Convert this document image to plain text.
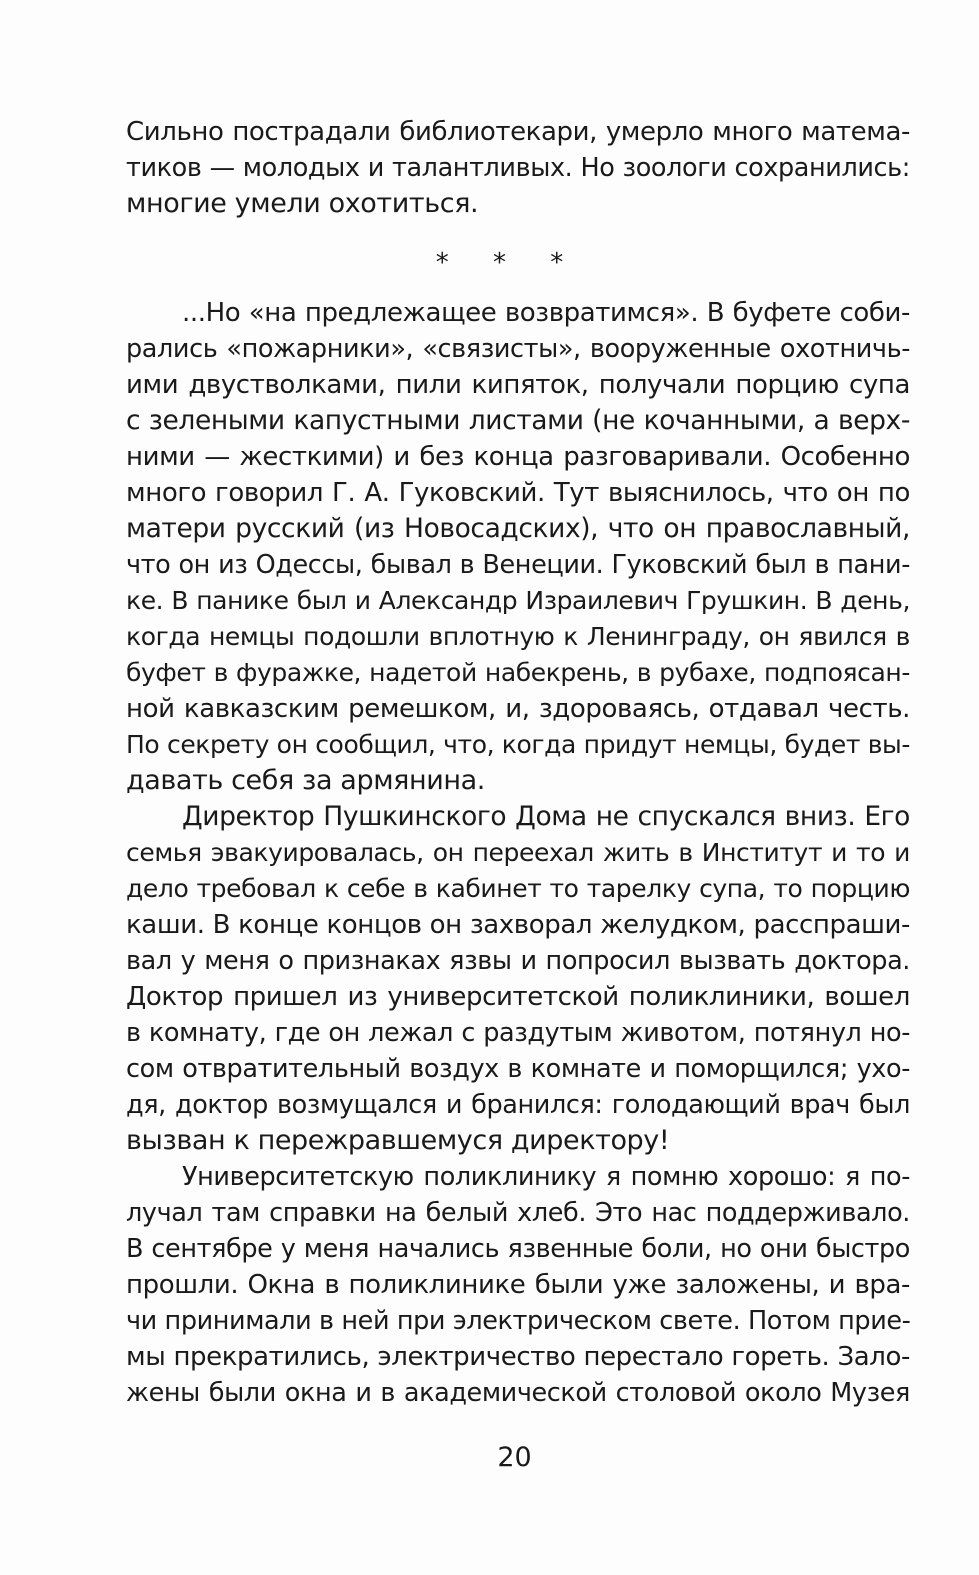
Сильно пострадали библиотекари, умерло много матема-
тиков — молодых и талантливых. Но зоологи сохранились:
многие умели охотиться.
* * *
...Но «на предлежащее возвратимся». В буфете соби-
рались «пожарники», «связисты», вооруженные охотничь-
ими двустволками, пили кипяток, получали порцию супа
с зелеными капустными листами (не кочанными, а верх-
ними — жесткими) и без конца разговаривали. Особенно
много говорил Г. А. Гуковский. Тут выяснилось, что он по
матери русский (из Новосадских), что он православный,
что он из Одессы, бывал в Венеции. Гуковский был в пани-
ке. В панике был и Александр Израилевич Грушкин. В день,
когда немцы подошли вплотную к Ленинграду, он явился в
буфет в фуражке, надетой набекрень, в рубахе, подпоясан-
ной кавказским ремешком, и, здороваясь, отдавал честь.
По секрету он сообщил, что, когда придут немцы, будет вы-
давать себя за армянина.
Директор Пушкинского Дома не спускался вниз. Его
семья эвакуировалась, он переехал жить в Институт и то и
дело требовал к себе в кабинет то тарелку супа, то порцию
каши. В конце концов он захворал желудком, расспраши-
вал у меня о признаках язвы и попросил вызвать доктора.
Доктор пришел из университетской поликлиники, вошел
в комнату, где он лежал с раздутым животом, потянул но-
сом отвратительный воздух в комнате и поморщился; ухо-
дя, доктор возмущался и бранился: голодающий врач был
вызван к пережравшемуся директору!
Университетскую поликлинику я помню хорошо: я по-
лучал там справки на белый хлеб. Это нас поддерживало.
В сентябре у меня начались язвенные боли, но они быстро
прошли. Окна в поликлинике были уже заложены, и вра-
чи принимали в ней при электрическом свете. Потом прие-
мы прекратились, электричество перестало гореть. Зало-
жены были окна и в академической столовой около Музея
20
